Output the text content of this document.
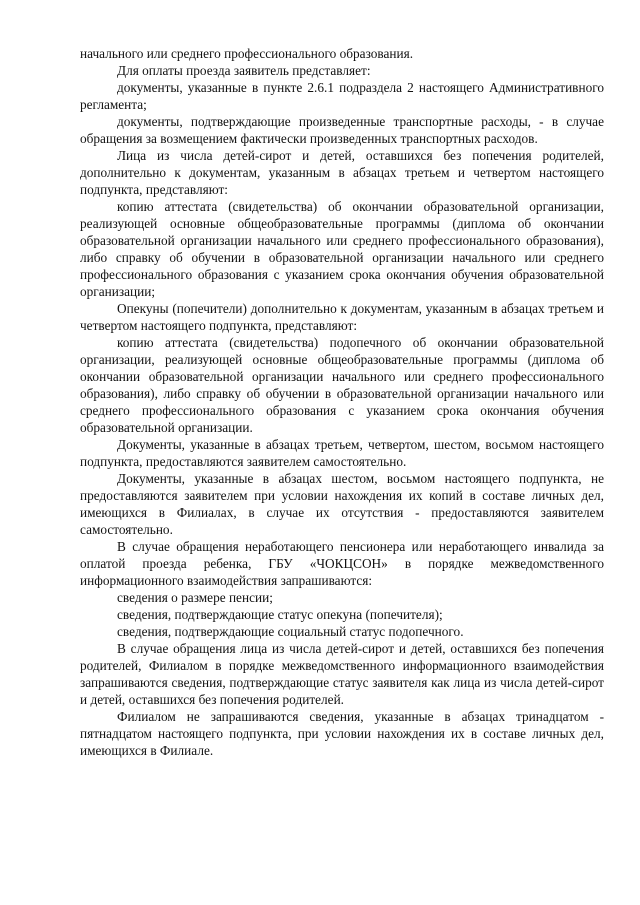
начального или среднего профессионального образования.

Для оплаты проезда заявитель представляет:

документы, указанные в пункте 2.6.1 подраздела 2 настоящего Административного регламента;

документы, подтверждающие произведенные транспортные расходы, - в случае обращения за возмещением фактически произведенных транспортных расходов.

Лица из числа детей-сирот и детей, оставшихся без попечения родителей, дополнительно к документам, указанным в абзацах третьем и четвертом настоящего подпункта, представляют:

копию аттестата (свидетельства) об окончании образовательной организации, реализующей основные общеобразовательные программы (диплома об окончании образовательной организации начального или среднего профессионального образования), либо справку об обучении в образовательной организации начального или среднего профессионального образования с указанием срока окончания обучения образовательной организации;

Опекуны (попечители) дополнительно к документам, указанным в абзацах третьем и четвертом настоящего подпункта, представляют:

копию аттестата (свидетельства) подопечного об окончании образовательной организации, реализующей основные общеобразовательные программы (диплома об окончании образовательной организации начального или среднего профессионального образования), либо справку об обучении в образовательной организации начального или среднего профессионального образования с указанием срока окончания обучения образовательной организации.

Документы, указанные в абзацах третьем, четвертом, шестом, восьмом настоящего подпункта, предоставляются заявителем самостоятельно.

Документы, указанные в абзацах шестом, восьмом настоящего подпункта, не предоставляются заявителем при условии нахождения их копий в составе личных дел, имеющихся в Филиалах, в случае их отсутствия - предоставляются заявителем самостоятельно.

В случае обращения неработающего пенсионера или неработающего инвалида за оплатой проезда ребенка, ГБУ «ЧОКЦСОН» в порядке межведомственного информационного взаимодействия запрашиваются:

сведения о размере пенсии;

сведения, подтверждающие статус опекуна (попечителя);

сведения, подтверждающие социальный статус подопечного.

В случае обращения лица из числа детей-сирот и детей, оставшихся без попечения родителей, Филиалом в порядке межведомственного информационного взаимодействия запрашиваются сведения, подтверждающие статус заявителя как лица из числа детей-сирот и детей, оставшихся без попечения родителей.

Филиалом не запрашиваются сведения, указанные в абзацах тринадцатом - пятнадцатом настоящего подпункта, при условии нахождения их в составе личных дел, имеющихся в Филиале.
